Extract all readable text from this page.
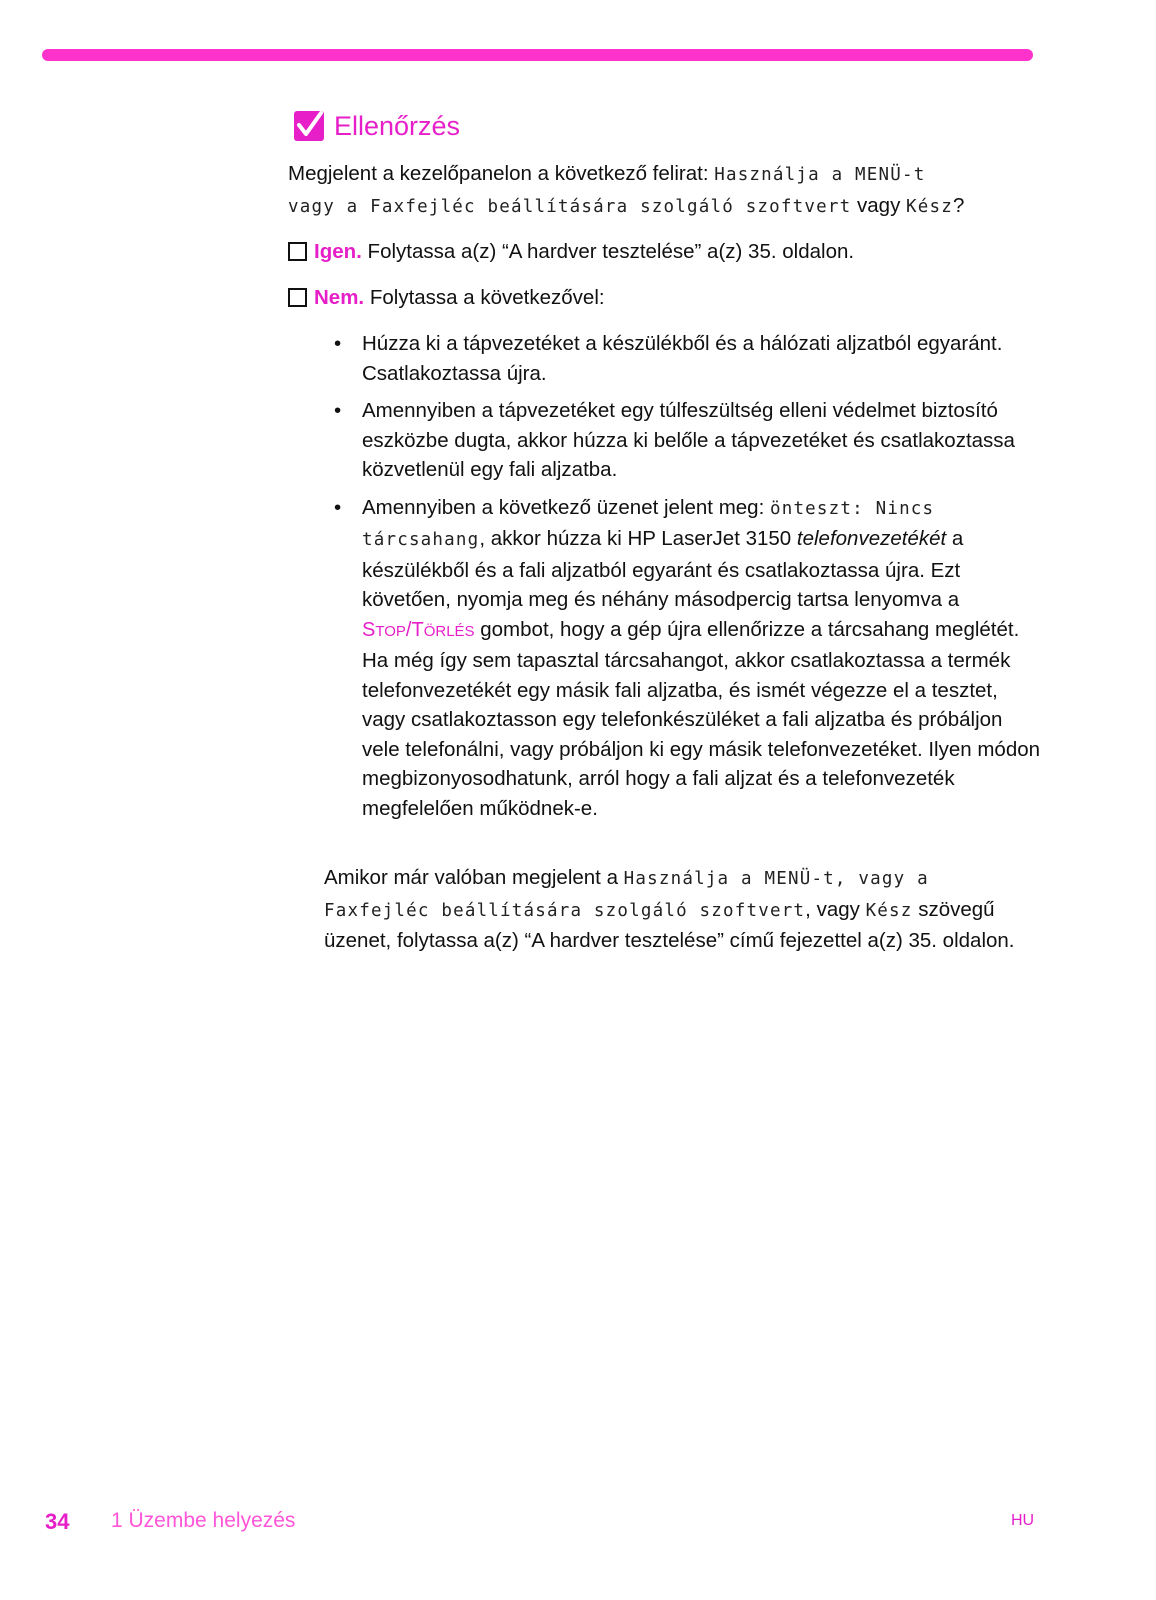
Ellenőrzés
Megjelent a kezelőpanelon a következő felirat: Használja a MENÜ-t
vagy a Faxfejléc beállítására szolgáló szoftvert vagy Kész?
Igen. Folytassa a(z) “A hardver tesztelése” a(z) 35. oldalon.
Nem. Folytassa a következővel:
• Húzza ki a tápvezetéket a készülékből és a hálózati aljzatból egyaránt. Csatlakoztassa újra.
• Amennyiben a tápvezetéket egy túlfeszültség elleni védelmet biztosító eszközbe dugta, akkor húzza ki belőle a tápvezetéket és csatlakoztassa közvetlenül egy fali aljzatba.
• Amennyiben a következő üzenet jelent meg: önteszt: Nincs tárcsahang, akkor húzza ki HP LaserJet 3150 telefonvezetékét a készülékből és a fali aljzatból egyaránt és csatlakoztassa újra. Ezt követően, nyomja meg és néhány másodpercig tartsa lenyomva a STOP/TÖRLÉS gombot, hogy a gép újra ellenőrizze a tárcsahang meglétét.
Ha még így sem tapasztal tárcsahangot, akkor csatlakoztassa a termék telefonvezetékét egy másik fali aljzatba, és ismét végezze el a tesztet, vagy csatlakoztasson egy telefonkészüléket a fali aljzatba és próbáljon vele telefonálni, vagy próbáljon ki egy másik telefonvezetéket. Ilyen módon megbizonyosodhatunk, arról hogy a fali aljzat és a telefonvezeték megfelelően működnek-e.
Amikor már valóban megjelent a Használja a MENÜ-t, vagy a Faxfejléc beállítására szolgáló szoftvert, vagy Kész szövegű üzenet, folytassa a(z) “A hardver tesztelése” című fejezettel a(z) 35. oldalon.
34 1 Üzembe helyezés	HU
